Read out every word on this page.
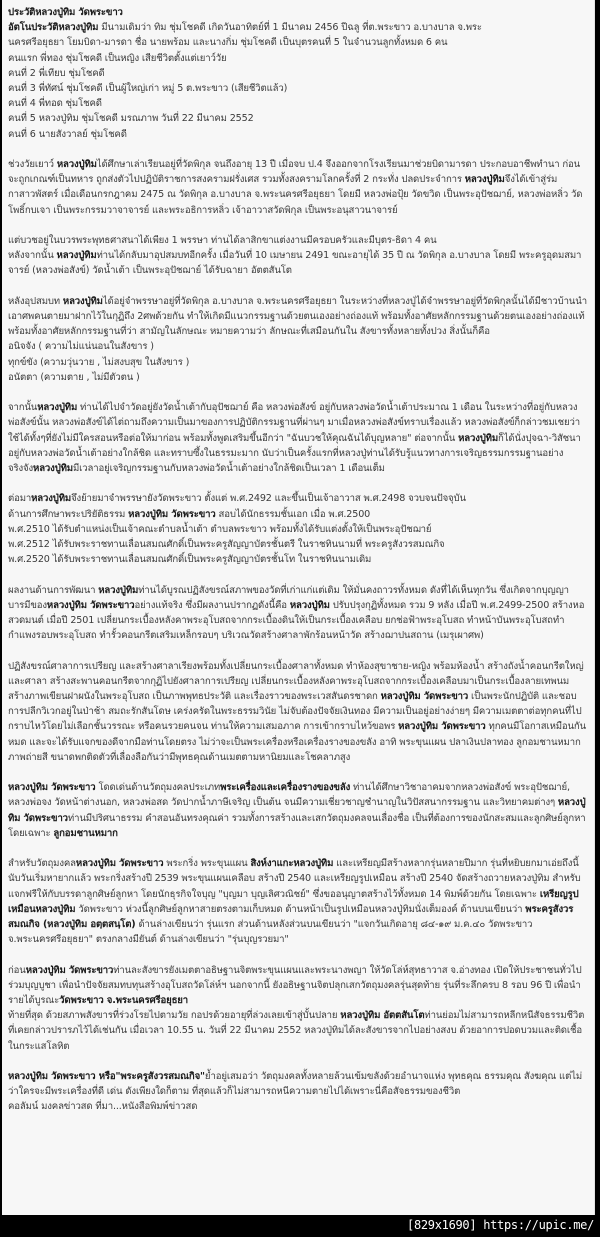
ประวัติหลวงปู่ทิม วัดพระขาว

อัตโนประวัติหลวงปู่ทิม มีนามเดิมว่า ทิม ชุ่มโชคดี เกิดวันอาทิตย์ที่ 1 มีนาคม 2456 ปีฉลู ที่ต.พระขาว อ.บางบาล จ.พระ
นครศรีอยุธยา โยมบิดา-มารดา ชื่อ นายพร้อม และนางกิ่ม ชุ่มโชคดี เป็นบุตรคนที่ 5 ในจำนวนลูกทั้งหมด 6 คน

คนแรก พี่ทอง ชุ่มโชคดี เป็นหญิง เสียชีวิตตั้งแต่เยาว์วัย

คนที่ 2 พี่เทียบ ชุ่มโชคดี

คนที่ 3 พี่ทัศน์ ชุ่มโชคดี เป็นผู้ใหญ่เก่า หมู่ 5 ต.พระขาว (เสียชีวิตแล้ว)

คนที่ 4 พี่ทอด ชุ่มโชคดี

คนที่ 5 หลวงปู่ทิม ชุ่มโชคดี มรณภาพ วันที่ 22 มีนาคม 2552

คนที่ 6 นายสังวาลย์ ชุ่มโชคดี

ช่วงวัยเยาว์ หลวงปู่ทิมได้ศึกษาเล่าเรียนอยู่ที่วัดพิกุล จนถึงอายุ 13 ปี เมื่อจบ ป.4 จึงออกจากโรงเรียนมาช่วยบิดามารดา ประกอบอาชีพทำนา ก่อนจะถูกเกณฑ์เป็นทหาร ถูกส่งตัวไปปฏิบัติราชการสงครามฝรั่งเศส รวมทั้งสงครามโลกครั้งที่ 2 กระทั่ง ปลดประจำการ หลวงปู่ทิมจึงได้เข้าสู่ร่มกาสาวพัสตร์ เมื่อเดือนกรกฎาคม 2475 ณ วัดพิกุล อ.บางบาล จ.พระนครศรีอยุธยา โดยมี หลวงพ่อปุ้ย วัดขวิด เป็นพระอุปัชฌาย์, หลวงพ่อหลิ่ว วัดโพธิ์กบเจา เป็นพระกรรมวาจาจารย์ และพระอธิการหลิ่ว เจ้าอาวาสวัดพิกุล เป็นพระอนุสาวนาจารย์

แต่บวชอยู่ในบวรพระพุทธศาสนาได้เพียง 1 พรรษา ท่านได้ลาสิกขาแต่งงานมีครอบครัวและมีบุตร-ธิดา 4 คน
หลังจากนั้น หลวงปู่ทิมท่านได้กลับมาอุปสมบทอีกครั้ง เมื่อวันที่ 10 เมษายน 2491 ขณะอายุได้ 35 ปี ณ วัดพิกุล อ.บางบาล โดยมี พระครูอุดมสมาจารย์ (หลวงพ่อสังข์) วัดน้ำเต้า เป็นพระอุปัชฌาย์ ได้รับฉายา อัตตสันโต

หลังอุปสมบท หลวงปู่ทิมได้อยู่จำพรรษาอยู่ที่วัดพิกุล อ.บางบาล จ.พระนครศรีอยุธยา ในระหว่างที่หลวงปู่ได้จำพรรษาอยู่ที่วัดพิกุลนั้นได้มีชาวบ้านนำเอาศพคนตายมาฝากไว้ในกุฏิถึง 2ศพด้วยกัน ทำให้เกิดมีแนวกรรมฐานด้วยตนเองอย่างถ่องแท้ พร้อมทั้งอาศัยหลักกรรมฐานด้วยตนเองอย่างถ่องแท้ พร้อมทั้งอาศัยหลักกรรมฐานที่ว่า สามัญในลักษณะ หมายความว่า ลักษณะที่เสมือนกันใน สังขารทั้งหลายทั้งปวง สิ่งนั้นก็คือ

อนิจจัง ( ความไม่แน่นอนในสังขาร )

ทุกข์ขัง (ความวุ่นวาย , ไม่สงบสุข ในสังขาร )

อนัตตา (ความตาย , ไม่มีตัวตน )

จากนั้นหลวงปู่ทิม ท่านได้ไปจำวัดอยู่ยังวัดน้ำเต้ากับอุปัชฌาย์ คือ หลวงพ่อสังข์ อยู่กับหลวงพ่อวัดน้ำเต้าประมาณ 1 เดือน ในระหว่างที่อยู่กับหลวงพ่อสังข์นั้น หลวงพ่อสังข์ได้ไต่ถามถึงความเป็นมาของการปฏิบัติกรรมฐานที่ผ่านๆ มาเมื่อหลวงพ่อสังข์ทราบเรื่องแล้ว หลวงพ่อสังข์ก็กล่าวชมเชยว่า ใช้ได้ทั้งๆที่ยังไม่มีใครสอนหรือต่อให้มาก่อน พร้อมทั้งพูดเสริมขึ้นอีกว่า "ฉันบวชให้คุณฉันได้บุญหลาย" ต่อจากนั้น หลวงปู่ทิมก็ได้นั่งปุจฉา-วิสัชนาอยู่กับหลวงพ่อวัดน้ำเต้าอย่างใกล้ชิด และทราบซึ้งในธรรมะมาก นับว่าเป็นครั้งแรกที่หลวงปู่ท่านได้รับรู้แนวทางการเจริญธรรมกรรมฐานอย่าง จริงจังหลวงปู่ทิมมีเวลาอยู่เจริญกรรมฐานกับหลวงพ่อวัดน้ำเต้าอย่างใกล้ชิดเป็นเวลา 1 เดือนเต็ม

ต่อมาหลวงปู่ทิมจึงย้ายมาจำพรรษายังวัดพระขาว ตั้งแต่ พ.ศ.2492 และขึ้นเป็นเจ้าอาวาส พ.ศ.2498 จวบจนปัจจุบัน
ด้านการศึกษาพระปริยัติธรรม หลวงปู่ทิม วัดพระขาว สอบได้นักธรรมชั้นเอก เมื่อ พ.ศ.2500

พ.ศ.2510 ได้รับตำแหน่งเป็นเจ้าคณะตำบลน้ำเต้า ตำบลพระขาว พร้อมทั้งได้รับแต่งตั้งให้เป็นพระอุปัชฌาย์

พ.ศ.2512 ได้รับพระราชทานเลื่อนสมณศักดิ์เป็นพระครูสัญญาบัตรชั้นตรี ในราชทินนามที่ พระครูสังวรสมณกิจ

พ.ศ.2520 ได้รับพระราชทานเลื่อนสมณศักดิ์เป็นพระครูสัญญาบัตรชั้นโท ในราชทินนามเดิม

ผลงานด้านการพัฒนา หลวงปู่ทิมท่านได้บูรณปฏิสังขรณ์สภาพของวัดที่เก่าแก่แต่เดิม ให้มั่นคงถาวรทั้งหมด ดังที่ได้เห็นทุกวัน ซึ่งเกิดจากบุญญาบารมีของหลวงปู่ทิม วัดพระขาวอย่างแท้จริง ซึ่งมีผลงานปรากฏดังนี้คือ หลวงปู่ทิม ปรับปรุงกุฏิทั้งหมด รวม 9 หลัง เมื่อปี พ.ศ.2499-2500 สร้างหอสวดมนต์ เมื่อปี 2501 เปลี่ยนกระเบื้องหลังคาพระอุโบสถจากกระเบื้องดินให้เป็นกระเบื้องเคลือบ ยกช่อฟ้าพระอุโบสถ ทำหน้าบันพระอุโบสถทำกำแพงรอบพระอุโบสถ ทำรั้วคอนกรีตเสริมเหล็กรอบๆ บริเวณวัดสร้างศาลาพักร้อนหน้าวัด สร้างฌาปนสถาน (เมรุเผาศพ)

ปฏิสังขรณ์ศาลาการเปรียญ และสร้างศาลาเรียงพร้อมทั้งเปลี่ยนกระเบื้องศาลาทั้งหมด ทำห้องสุขาชาย-หญิง พร้อมห้องน้ำ สร้างถังน้ำคอนกรีตใหญ่และศาลา สร้างสะพานคอนกรีตจากกุฏิไปยังศาลาการเปรียญ เปลี่ยนกระเบื้องหลังคาพระอุโบสถจากกระเบื้องเคลือบมาเป็นกระเบื้องลายเทพนม สร้างภาพเขียนฝาผนังในพระอุโบสถ เป็นภาพพุทธประวัติ และเรื่องราวของพระเวสสันดรชาดก หลวงปู่ทิม วัดพระขาว เป็นพระนักปฏิบัติ และชอบการปลีกวิเวกอยู่ในป่าช้า สมถะรักสันโดษ เคร่งครัดในพระธรรมวินัย ไม่จับต้องปัจจัยเงินทอง มีความเป็นอยู่อย่างง่ายๆ มีความเมตตาต่อทุกคนที่ไปกราบไหว้โดยไม่เลือกชั้นวรรณะ หรือคนรวยคนจน ท่านให้ความเสมอภาค การเข้ากราบไหว้ขอพร หลวงปู่ทิม วัดพระขาว ทุกคนมีโอกาสเหมือนกันหมด และจะได้รับแจกของดีจากมือท่านโดยตรง ไม่ว่าจะเป็นพระเครื่องหรือเครื่องรางของขลัง อาทิ พระขุนแผน ปลาเงินปลาทอง ลูกอมชานหมาก ภาพถ่ายสี ขนาดพกติดตัวที่เลื่องลือกันว่ามีพุทธคุณด้านเมตตามหานิยมและโชคลาภสูง

หลวงปู่ทิม วัดพระขาว โดดเด่นด้านวัตถุมงคลประเภทพระเครื่องและเครื่องรางของขลัง ท่านได้ศึกษาวิชาอาคมจากหลวงพ่อสังข์ พระอุปัชฌาย์, หลวงพ่อจง วัดหน้าต่างนอก, หลวงพ่อสด วัดปากน้ำภาษีเจริญ เป็นต้น จนมีความเชี่ยวชาญชำนาญในวิปัสสนากรรมฐาน และวิทยาคมต่างๆ หลวงปู่ทิม วัดพระขาวท่านมีปริศนาธรรม คำสอนอันทรงคุณค่า รวมทั้งการสร้างและเสกวัตถุมงคลจนเลื่องชื่อ เป็นที่ต้องการของนักสะสมและลูกศิษย์ลูกหา โดยเฉพาะ ลูกอมชานหมาก

สำหรับวัตถุมงคลหลวงปู่ทิม วัดพระขาว พระกริ่ง พระขุนแผน สิงห์งาแกะหลวงปู่ทิม และเหรียญมีสร้างหลากรุ่นหลายปีมาก รุ่นที่หยิบยกมาเอ่ยถึงนี้ นับวันเริ่มหายากแล้ว พระกริ่งสร้างปี 2539 พระขุนแผนเคลือบ สร้างปี 2540 และเหรียญรูปเหมือน สร้างปี 2540 จัดสร้างถวายหลวงปู่ทิม สำหรับแจกฟรีให้กับบรรดาลูกศิษย์ลูกหา โดยนักธุรกิจใจบุญ "บุญมา บุญเลิศวณิชย์" ซึ่งขออนุญาตสร้างไว้ทั้งหมด 14 พิมพ์ด้วยกัน โดยเฉพาะ เหรียญรูปเหมือนหลวงปู่ทิม วัดพระขาว ห่วงนี้ลูกศิษย์ลูกหาสายตรงตามเก็บหมด ด้านหน้าเป็นรูปเหมือนหลวงปู่ทิมนั่งเต็มองค์ ด้านบนเขียนว่า พระครูสังวรสมณกิจ (หลวงปู่ทิม อตฺตสนฺโต) ด้านล่างเขียนว่า รุ่นแรก ส่วนด้านหลังส่วนบนเขียนว่า "แจกวันเกิดอายุ ๘๔-๑๙ ม.ค.๔๐ วัดพระขาว จ.พระนครศรีอยุธยา" ตรงกลางมียันต์ ด้านล่างเขียนว่า "รุ่นบุญรวยมา"

ก่อนหลวงปู่ทิม วัดพระขาวท่านละสังขารยังเมตตาอธิษฐานจิตพระขุนแผนและพระนางพญา ให้วัดโล่ห์สุทธาวาส จ.อ่างทอง เปิดให้ประชาชนทั่วไปร่วมบุญบูชา เพื่อนำปัจจัยสมทบทุนสร้างอุโบสถวัดโล่ห์ฯ นอกจากนี้ ยังอธิษฐานจิตปลุกเสกวัตถุมงคลรุ่นสุดท้าย รุ่นที่ระลึกครบ 8 รอบ 96 ปี เพื่อนำรายได้บูรณะวัดพระขาว จ.พระนครศรีอยุธยา
ท้ายที่สุด ด้วยสภาพสังขารที่ร่วงโรยไปตามวัย กอปรด้วยอายุที่ล่วงเลยเข้าสู่บั้นปลาย หลวงปู่ทิม อัตตสันโตท่านย่อมไม่สามารถหลีกหนีสัจธรรมชีวิตที่เคยกล่าวปรารภไว้ได้เช่นกัน เมื่อเวลา 10.55 น. วันที่ 22 มีนาคม 2552 หลวงปู่ทิมได้ละสังขารจากไปอย่างสงบ ด้วยอาการปอดบวมและติดเชื้อในกระแสโลหิต

หลวงปู่ทิม วัดพระขาว หรือ"พระครูสังวรสมณกิจ"ย้ำอยู่เสมอว่า วัตถุมงคลทั้งหลายล้วนเข้มขลังด้วยอำนาจแห่ง พุทธคุณ ธรรมคุณ สังฆคุณ แต่ไม่ว่าใครจะมีพระเครื่องที่ดี เด่น ดังเพียงใดก็ตาม ที่สุดแล้วก็ไม่สามารถหนีความตายไปได้เพราะนี่คือสัจธรรมของชีวิต

คอลัมน์ มงคลข่าวสด ที่มา...หนังสือพิมพ์ข่าวสด

[829x1690] https://upic.me/
